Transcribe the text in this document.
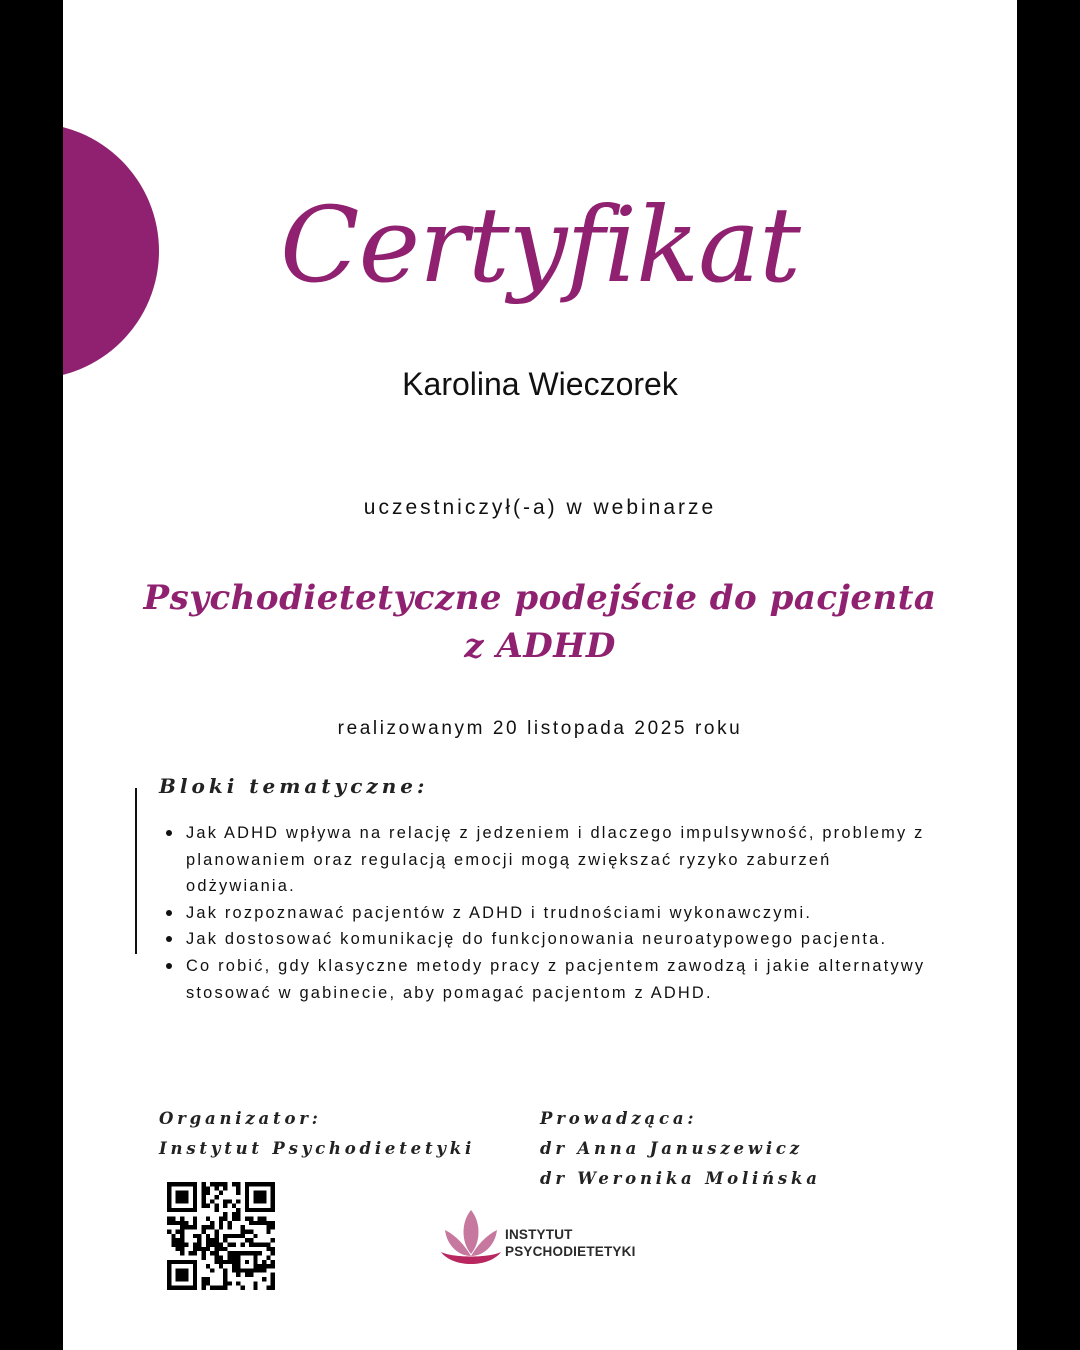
Certyfikat
Karolina Wieczorek
uczestniczył(-a) w webinarze
Psychodietetyczne podejście do pacjenta z ADHD
realizowanym 20 listopada 2025 roku
Bloki tematyczne:
Jak ADHD wpływa na relację z jedzeniem i dlaczego impulsywność, problemy z planowaniem oraz regulacją emocji mogą zwiększać ryzyko zaburzeń odżywiania.
Jak rozpoznawać pacjentów z ADHD i trudnościami wykonawczymi.
Jak dostosować komunikację do funkcjonowania neuroatypowego pacjenta.
Co robić, gdy klasyczne metody pracy z pacjentem zawodzą i jakie alternatywy stosować w gabinecie, aby pomagać pacjentom z ADHD.
Organizator:
Instytut Psychodietetyki
Prowadząca:
dr Anna Januszewicz
dr Weronika Molińska
INSTYTUT
PSYCHODIETETYKI
